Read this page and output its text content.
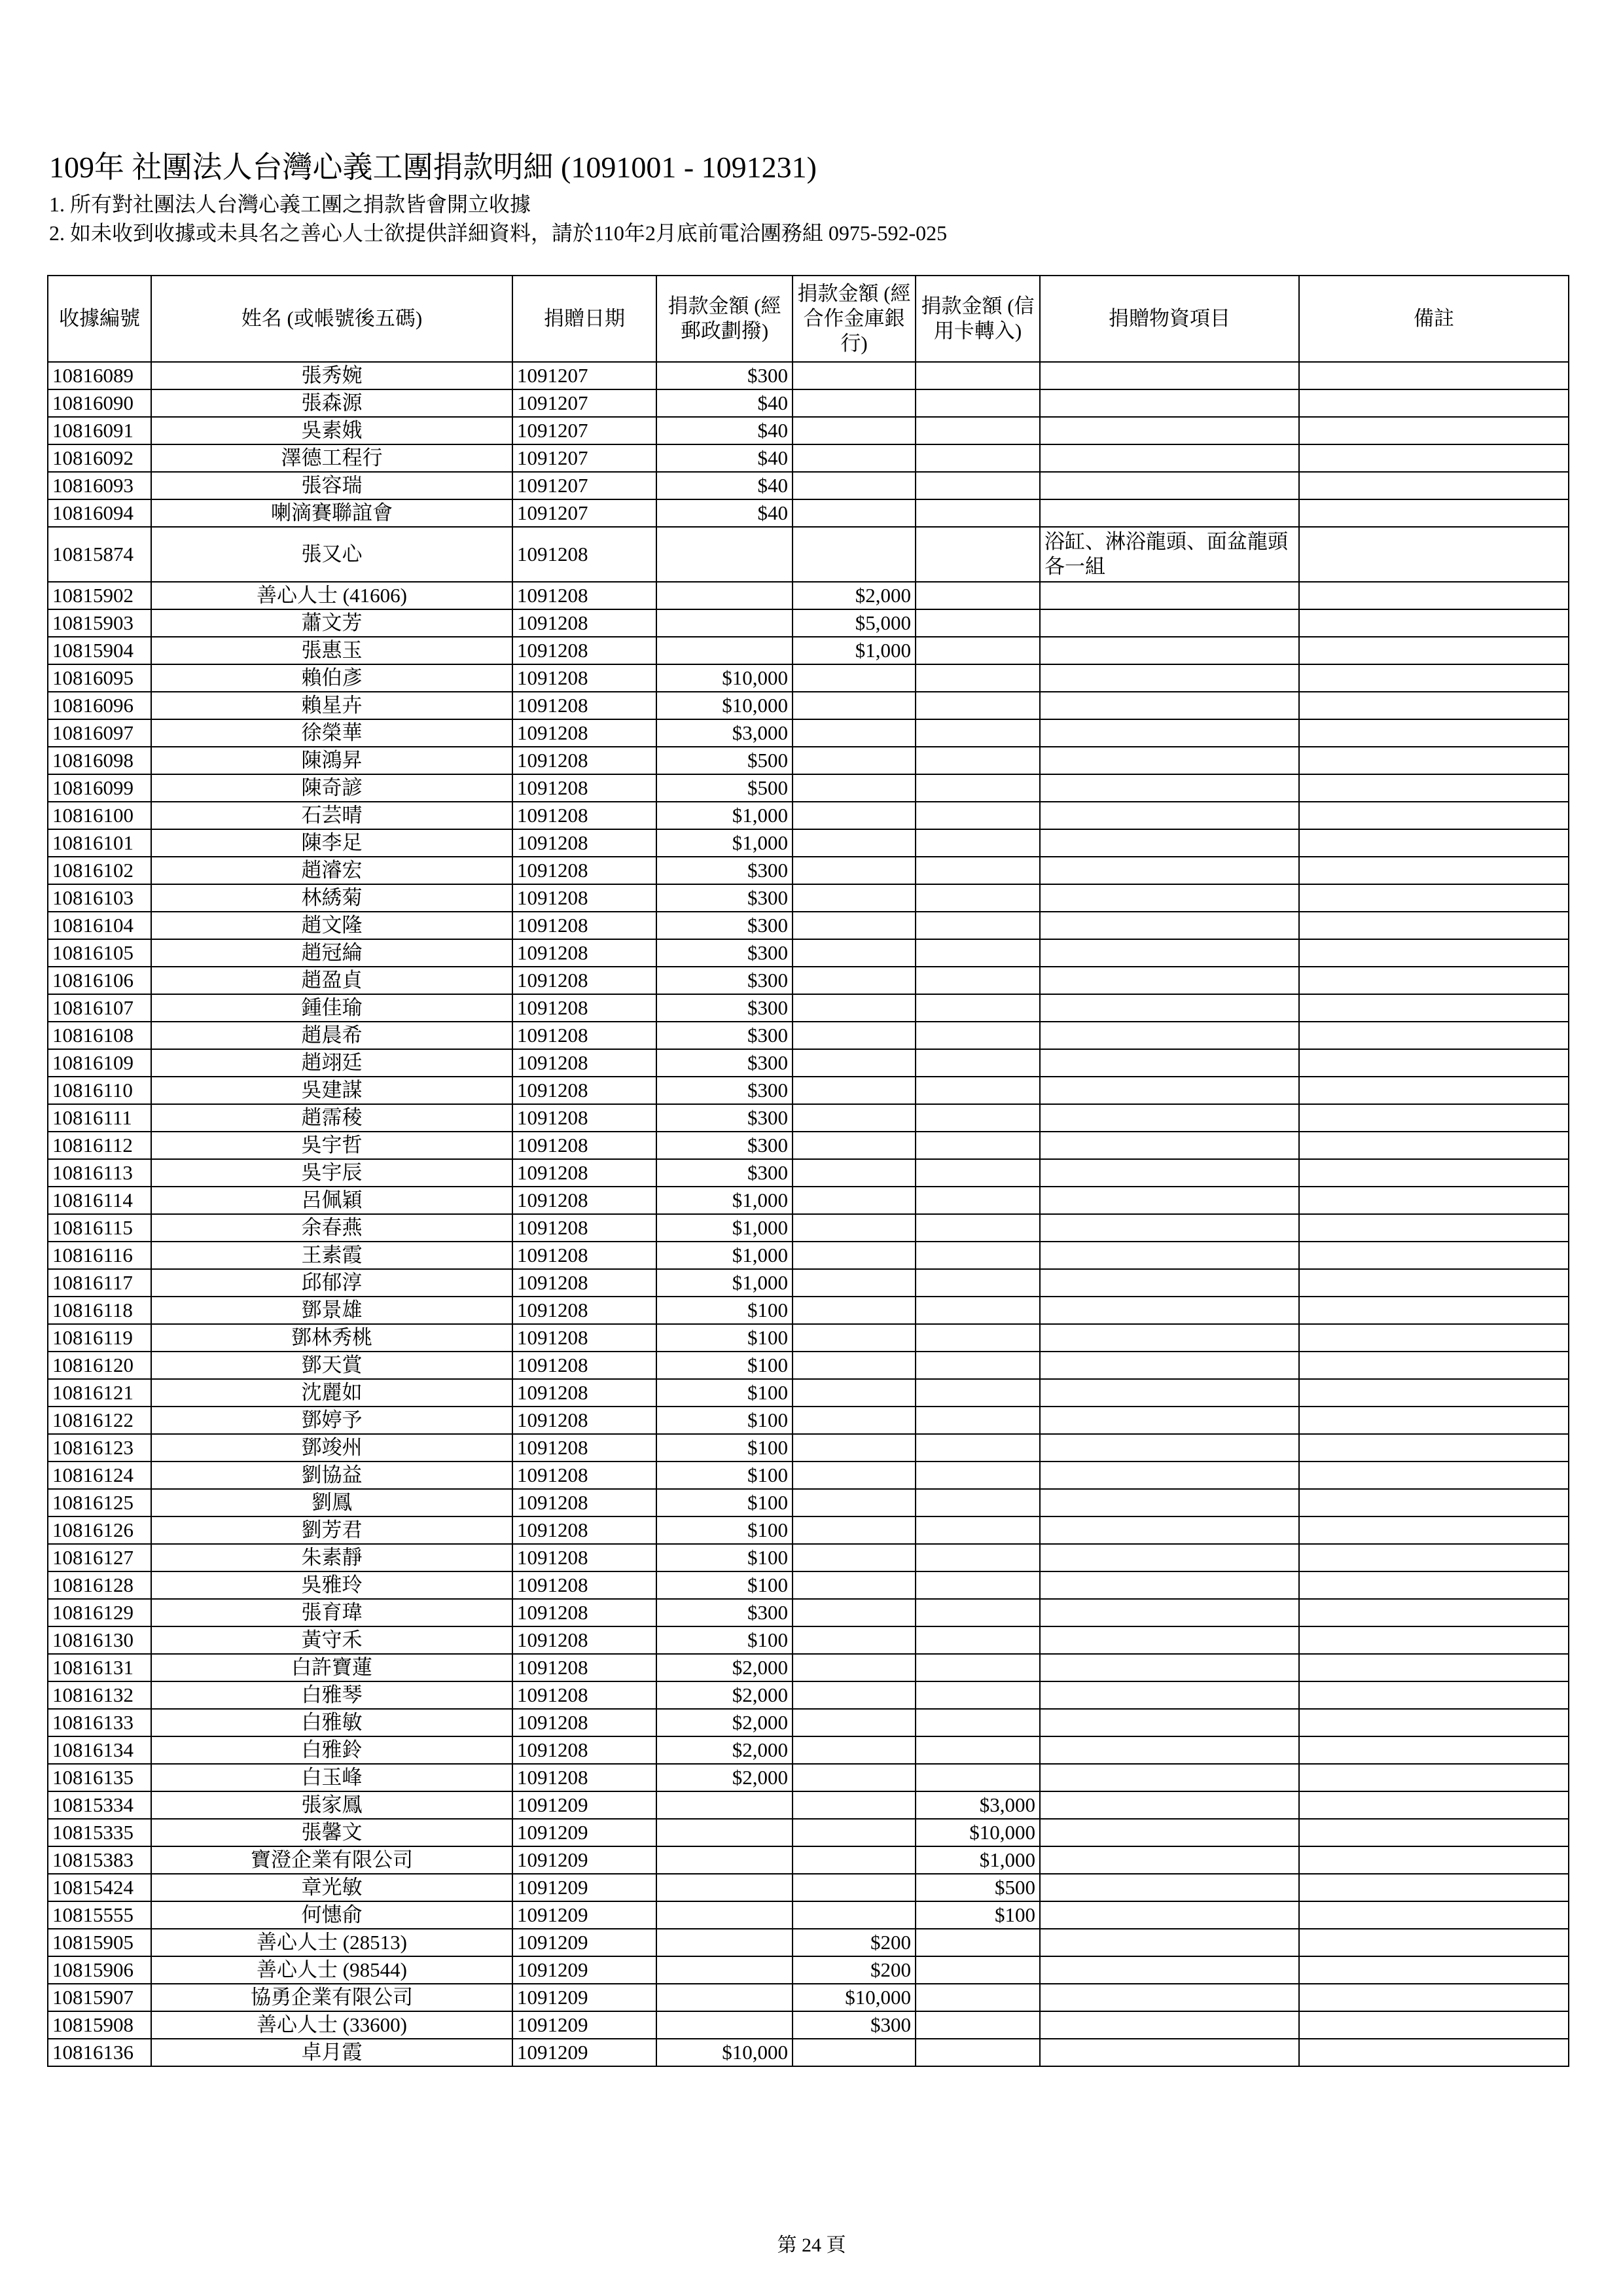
109年 社團法人台灣心義工團捐款明細 (1091001 - 1091231)
1. 所有對社團法人台灣心義工團之捐款皆會開立收據
2. 如未收到收據或未具名之善心人士欲提供詳細資料，請於110年2月底前電洽團務組 0975-592-025
收據編號	姓名 (或帳號後五碼)	捐贈日期	捐款金額 (經郵政劃撥)	捐款金額 (經合作金庫銀行)	捐款金額 (信用卡轉入)	捐贈物資項目	備註
10816089	張秀婉	1091207	$300				
10816090	張森源	1091207	$40				
10816091	吳素娥	1091207	$40				
10816092	澤德工程行	1091207	$40				
10816093	張容瑞	1091207	$40				
10816094	喇滴賽聯誼會	1091207	$40				
10815874	張又心	1091208				浴缸、淋浴龍頭、面盆龍頭各一組	
10815902	善心人士 (41606)	1091208		$2,000			
10815903	蕭文芳	1091208		$5,000			
10815904	張惠玉	1091208		$1,000			
10816095	賴伯彥	1091208	$10,000				
10816096	賴星卉	1091208	$10,000				
10816097	徐榮華	1091208	$3,000				
10816098	陳鴻昇	1091208	$500				
10816099	陳奇諺	1091208	$500				
10816100	石芸晴	1091208	$1,000				
10816101	陳李足	1091208	$1,000				
10816102	趙濬宏	1091208	$300				
10816103	林綉菊	1091208	$300				
10816104	趙文隆	1091208	$300				
10816105	趙冠綸	1091208	$300				
10816106	趙盈貞	1091208	$300				
10816107	鍾佳瑜	1091208	$300				
10816108	趙晨希	1091208	$300				
10816109	趙翊廷	1091208	$300				
10816110	吳建謀	1091208	$300				
10816111	趙霈稜	1091208	$300				
10816112	吳宇哲	1091208	$300				
10816113	吳宇辰	1091208	$300				
10816114	呂佩穎	1091208	$1,000				
10816115	余春燕	1091208	$1,000				
10816116	王素霞	1091208	$1,000				
10816117	邱郁淳	1091208	$1,000				
10816118	鄧景雄	1091208	$100				
10816119	鄧林秀桃	1091208	$100				
10816120	鄧天賞	1091208	$100				
10816121	沈麗如	1091208	$100				
10816122	鄧婷予	1091208	$100				
10816123	鄧竣州	1091208	$100				
10816124	劉協益	1091208	$100				
10816125	劉鳳	1091208	$100				
10816126	劉芳君	1091208	$100				
10816127	朱素靜	1091208	$100				
10816128	吳雅玲	1091208	$100				
10816129	張育瑋	1091208	$300				
10816130	黃守禾	1091208	$100				
10816131	白許寶蓮	1091208	$2,000				
10816132	白雅琴	1091208	$2,000				
10816133	白雅敏	1091208	$2,000				
10816134	白雅鈴	1091208	$2,000				
10816135	白玉峰	1091208	$2,000				
10815334	張家鳳	1091209			$3,000		
10815335	張馨文	1091209			$10,000		
10815383	寶澄企業有限公司	1091209			$1,000		
10815424	章光敏	1091209			$500		
10815555	何憓俞	1091209			$100		
10815905	善心人士 (28513)	1091209		$200			
10815906	善心人士 (98544)	1091209		$200			
10815907	協勇企業有限公司	1091209		$10,000			
10815908	善心人士 (33600)	1091209		$300			
10816136	卓月霞	1091209	$10,000				
第 24 頁
